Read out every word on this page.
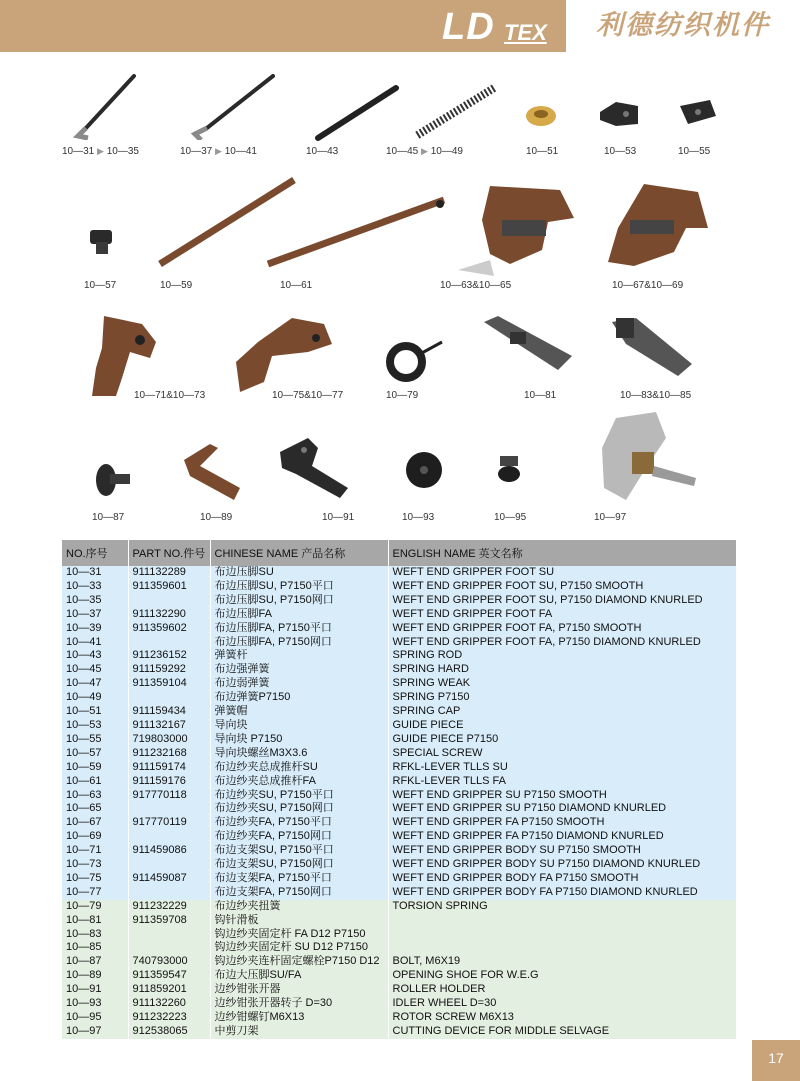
LD TEX	利德纺织机件
10—31 ▶ 10—35	10—37 ▶ 10—41	10—43	10—45 ▶ 10—49	10—51	10—53	10—55
10—57	10—59	10—61	10—63&10—65	10—67&10—69
10—71&10—73	10—75&10—77	10—79	10—81	10—83&10—85
10—87	10—89	10—91	10—93	10—95	10—97
NO.序号	PART NO.件号	CHINESE NAME 产品名称	ENGLISH NAME 英文名称
10—31	911132289	布边压脚SU	WEFT END GRIPPER FOOT SU
10—33	911359601	布边压脚SU, P7150平口	WEFT END GRIPPER FOOT SU, P7150 SMOOTH
10—35		布边压脚SU, P7150网口	WEFT END GRIPPER FOOT SU, P7150 DIAMOND KNURLED
10—37	911132290	布边压脚FA	WEFT END GRIPPER FOOT FA
10—39	911359602	布边压脚FA, P7150平口	WEFT END GRIPPER FOOT FA, P7150 SMOOTH
10—41		布边压脚FA, P7150网口	WEFT END GRIPPER FOOT FA, P7150 DIAMOND KNURLED
10—43	911236152	弹簧杆	SPRING ROD
10—45	911159292	布边强弹簧	SPRING HARD
10—47	911359104	布边弱弹簧	SPRING WEAK
10—49		布边弹簧P7150	SPRING P7150
10—51	911159434	弹簧帽	SPRING CAP
10—53	911132167	导向块	GUIDE PIECE
10—55	719803000	导向块 P7150	GUIDE PIECE P7150
10—57	911232168	导向块螺丝M3X3.6	SPECIAL SCREW
10—59	911159174	布边纱夹总成推杆SU	RFKL-LEVER TLLS SU
10—61	911159176	布边纱夹总成推杆FA	RFKL-LEVER TLLS FA
10—63	917770118	布边纱夹SU, P7150平口	WEFT END GRIPPER SU P7150 SMOOTH
10—65		布边纱夹SU, P7150网口	WEFT END GRIPPER SU P7150 DIAMOND KNURLED
10—67	917770119	布边纱夹FA, P7150平口	WEFT END GRIPPER FA P7150 SMOOTH
10—69		布边纱夹FA, P7150网口	WEFT END GRIPPER FA P7150 DIAMOND KNURLED
10—71	911459086	布边支架SU, P7150平口	WEFT END GRIPPER BODY SU P7150 SMOOTH
10—73		布边支架SU, P7150网口	WEFT END GRIPPER BODY SU P7150 DIAMOND KNURLED
10—75	911459087	布边支架FA, P7150平口	WEFT END GRIPPER BODY FA P7150 SMOOTH
10—77		布边支架FA, P7150网口	WEFT END GRIPPER BODY FA P7150 DIAMOND KNURLED
10—79	911232229	布边纱夹扭簧	TORSION SPRING
10—81	911359708	钩针滑板	
10—83		钩边纱夹固定杆 FA D12 P7150	
10—85		钩边纱夹固定杆 SU D12 P7150	
10—87	740793000	钩边纱夹连杆固定螺栓P7150 D12	BOLT, M6X19
10—89	911359547	布边大压脚SU/FA	OPENING SHOE FOR W.E.G
10—91	911859201	边纱钳张开器	ROLLER HOLDER
10—93	911132260	边纱钳张开器转子 D=30	IDLER WHEEL D=30
10—95	911232223	边纱钳螺钉M6X13	ROTOR SCREW M6X13
10—97	912538065	中剪刀架	CUTTING DEVICE FOR MIDDLE SELVAGE
17
